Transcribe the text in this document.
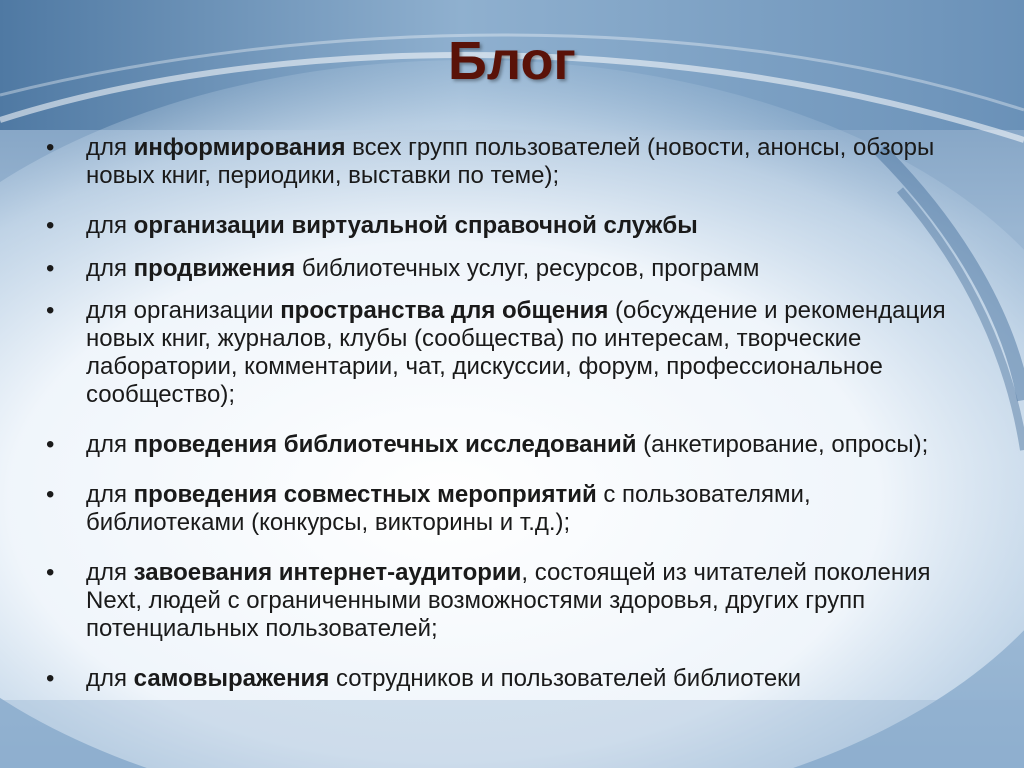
Блог
• для информирования всех групп пользователей (новости, анонсы, обзоры новых книг, периодики, выставки по теме);
• для организации виртуальной справочной службы
• для продвижения библиотечных услуг, ресурсов, программ
• для организации пространства для общения (обсуждение и рекомендация новых книг, журналов, клубы (сообщества) по интересам, творческие лаборатории, комментарии, чат, дискуссии, форум, профессиональное сообщество);
• для проведения библиотечных исследований (анкетирование, опросы);
• для проведения совместных мероприятий с пользователями, библиотеками (конкурсы, викторины и т.д.);
• для завоевания интернет-аудитории, состоящей из читателей поколения Next, людей с ограниченными возможностями здоровья, других групп потенциальных пользователей;
• для самовыражения сотрудников и пользователей библиотеки
